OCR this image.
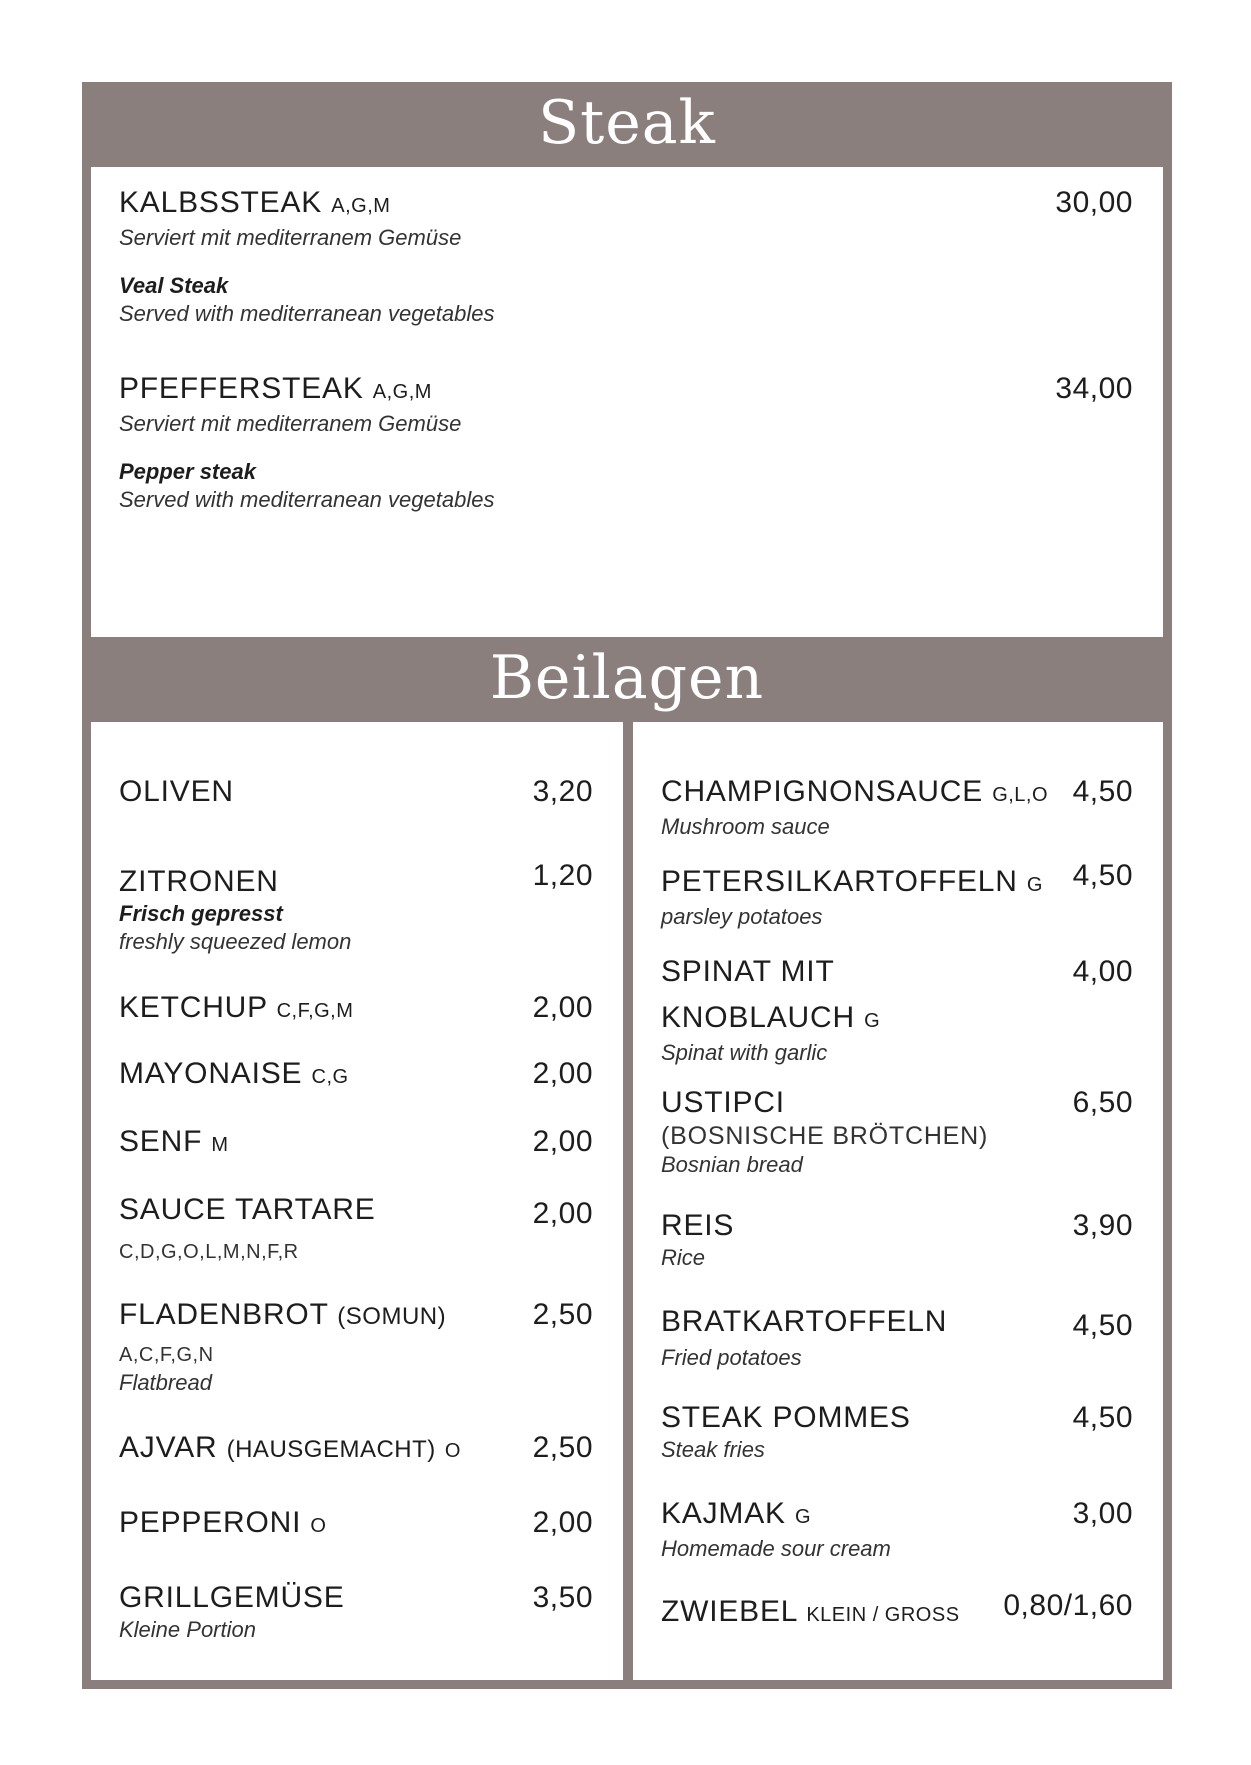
Steak
KALBSSTEAK A,G,M	30,00
Serviert mit mediterranem Gemüse
Veal Steak
Served with mediterranean vegetables
PFEFFERSTEAK A,G,M	34,00
Serviert mit mediterranem Gemüse
Pepper steak
Served with mediterranean vegetables
Beilagen
OLIVEN	3,20
ZITRONEN	1,20
Frisch gepresst
freshly squeezed lemon
KETCHUP C,F,G,M	2,00
MAYONAISE C,G	2,00
SENF M	2,00
SAUCE TARTARE	2,00
C,D,G,O,L,M,N,F,R
FLADENBROT (SOMUN)	2,50
A,C,F,G,N
Flatbread
AJVAR (HAUSGEMACHT) O 2,50
PEPPERONI O	2,00
GRILLGEMÜSE	3,50
Kleine Portion
CHAMPIGNONSAUCE G,L,O 4,50
Mushroom sauce
PETERSILKARTOFFELN G 4,50
parsley potatoes
SPINAT MIT
KNOBLAUCH G
4,00
Spinat with garlic
USTIPCI	6,50
(BOSNISCHE BRÖTCHEN)
Bosnian bread
REIS	3,90
Rice
BRATKARTOFFELN	4,50
Fried potatoes
STEAK POMMES	4,50
Steak fries
KAJMAK G	3,00
Homemade sour cream
ZWIEBEL KLEIN / GROSS 0,80/1,60
